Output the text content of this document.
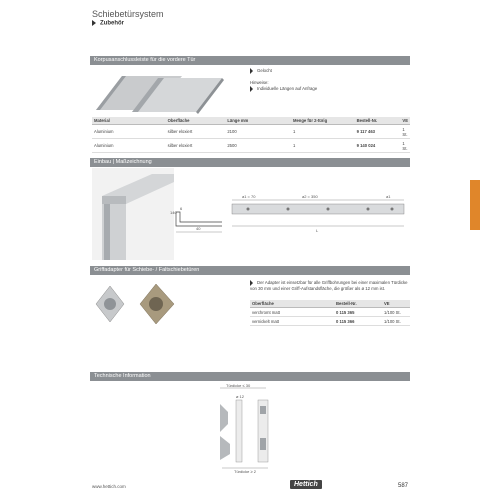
Schiebetürsystem
Zubehör
Korpusanschlussleiste für die vordere Tür
Gelocht
Hinweise:
Individuelle Längen auf Anfrage
Material	Oberfläche	Länge mm	Menge für 2-türig	Bestell-Nr.	VE
Aluminium	silber eloxiert	2100	1	9 117 463	1 St.
Aluminium	silber eloxiert	2500	1	9 140 024	1 St.
Einbau | Maßzeichnung
40
6
140
a1 = 70	a2 = 350	a1
L
Griffadapter für Schiebe- / Faltschiebetüren
Der Adapter ist einsetzbar für alle Griffbohrungen bei einer maximalen Türdicke von 30 mm und einer Griff-Aufstandsfläche, die größer als ø 12 mm ist.
Oberfläche	Bestell-Nr.	VE
verchromt matt	0 115 365	1/100 St.
vernickelt matt	0 115 366	1/100 St.
Technische Information
Türdicke ≤ 30
ø 12
Türdicke ≥ 2
www.hettich.com	Hettich	587
